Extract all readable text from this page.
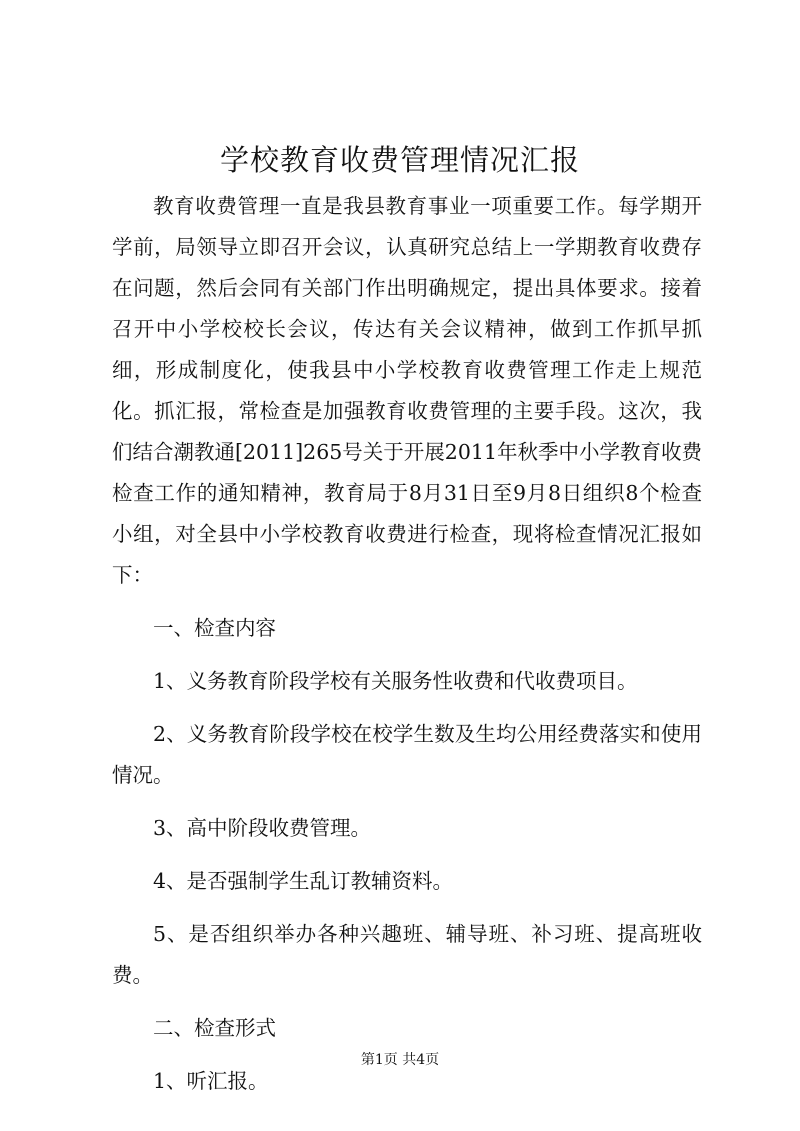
学校教育收费管理情况汇报

教育收费管理一直是我县教育事业一项重要工作。每学期开学前，局领导立即召开会议，认真研究总结上一学期教育收费存在问题，然后会同有关部门作出明确规定，提出具体要求。接着召开中小学校校长会议，传达有关会议精神，做到工作抓早抓细，形成制度化，使我县中小学校教育收费管理工作走上规范化。抓汇报，常检查是加强教育收费管理的主要手段。这次，我们结合潮教通[2011]265号关于开展2011年秋季中小学教育收费检查工作的通知精神，教育局于8月31日至9月8日组织8个检查小组，对全县中小学校教育收费进行检查，现将检查情况汇报如下：

一、检查内容

1、义务教育阶段学校有关服务性收费和代收费项目。

2、义务教育阶段学校在校学生数及生均公用经费落实和使用情况。

3、高中阶段收费管理。

4、是否强制学生乱订教辅资料。

5、是否组织举办各种兴趣班、辅导班、补习班、提高班收费。

二、检查形式

1、听汇报。

第1页 共4页
